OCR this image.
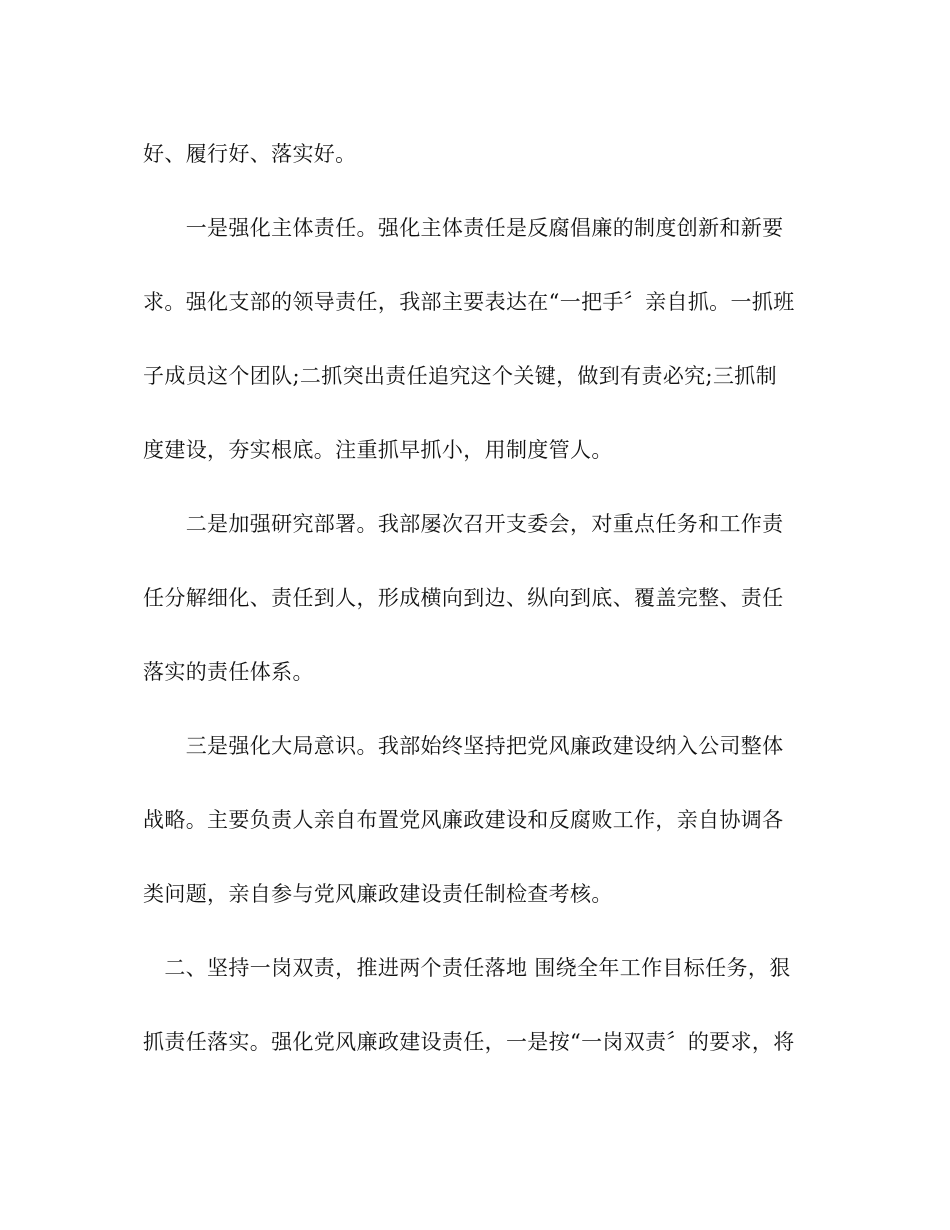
好、履行好、落实好。
　　一是强化主体责任。强化主体责任是反腐倡廉的制度创新和新要
求。强化支部的领导责任，我部主要表达在“一把手〞亲自抓。一抓班
子成员这个团队;二抓突出责任追究这个关键，做到有责必究;三抓制
度建设，夯实根底。注重抓早抓小，用制度管人。
　　二是加强研究部署。我部屡次召开支委会，对重点任务和工作责
任分解细化、责任到人，形成横向到边、纵向到底、覆盖完整、责任
落实的责任体系。
　　三是强化大局意识。我部始终坚持把党风廉政建设纳入公司整体
战略。主要负责人亲自布置党风廉政建设和反腐败工作，亲自协调各
类问题，亲自参与党风廉政建设责任制检查考核。
　二、坚持一岗双责，推进两个责任落地 围绕全年工作目标任务，狠
抓责任落实。强化党风廉政建设责任，一是按“一岗双责〞的要求，将
